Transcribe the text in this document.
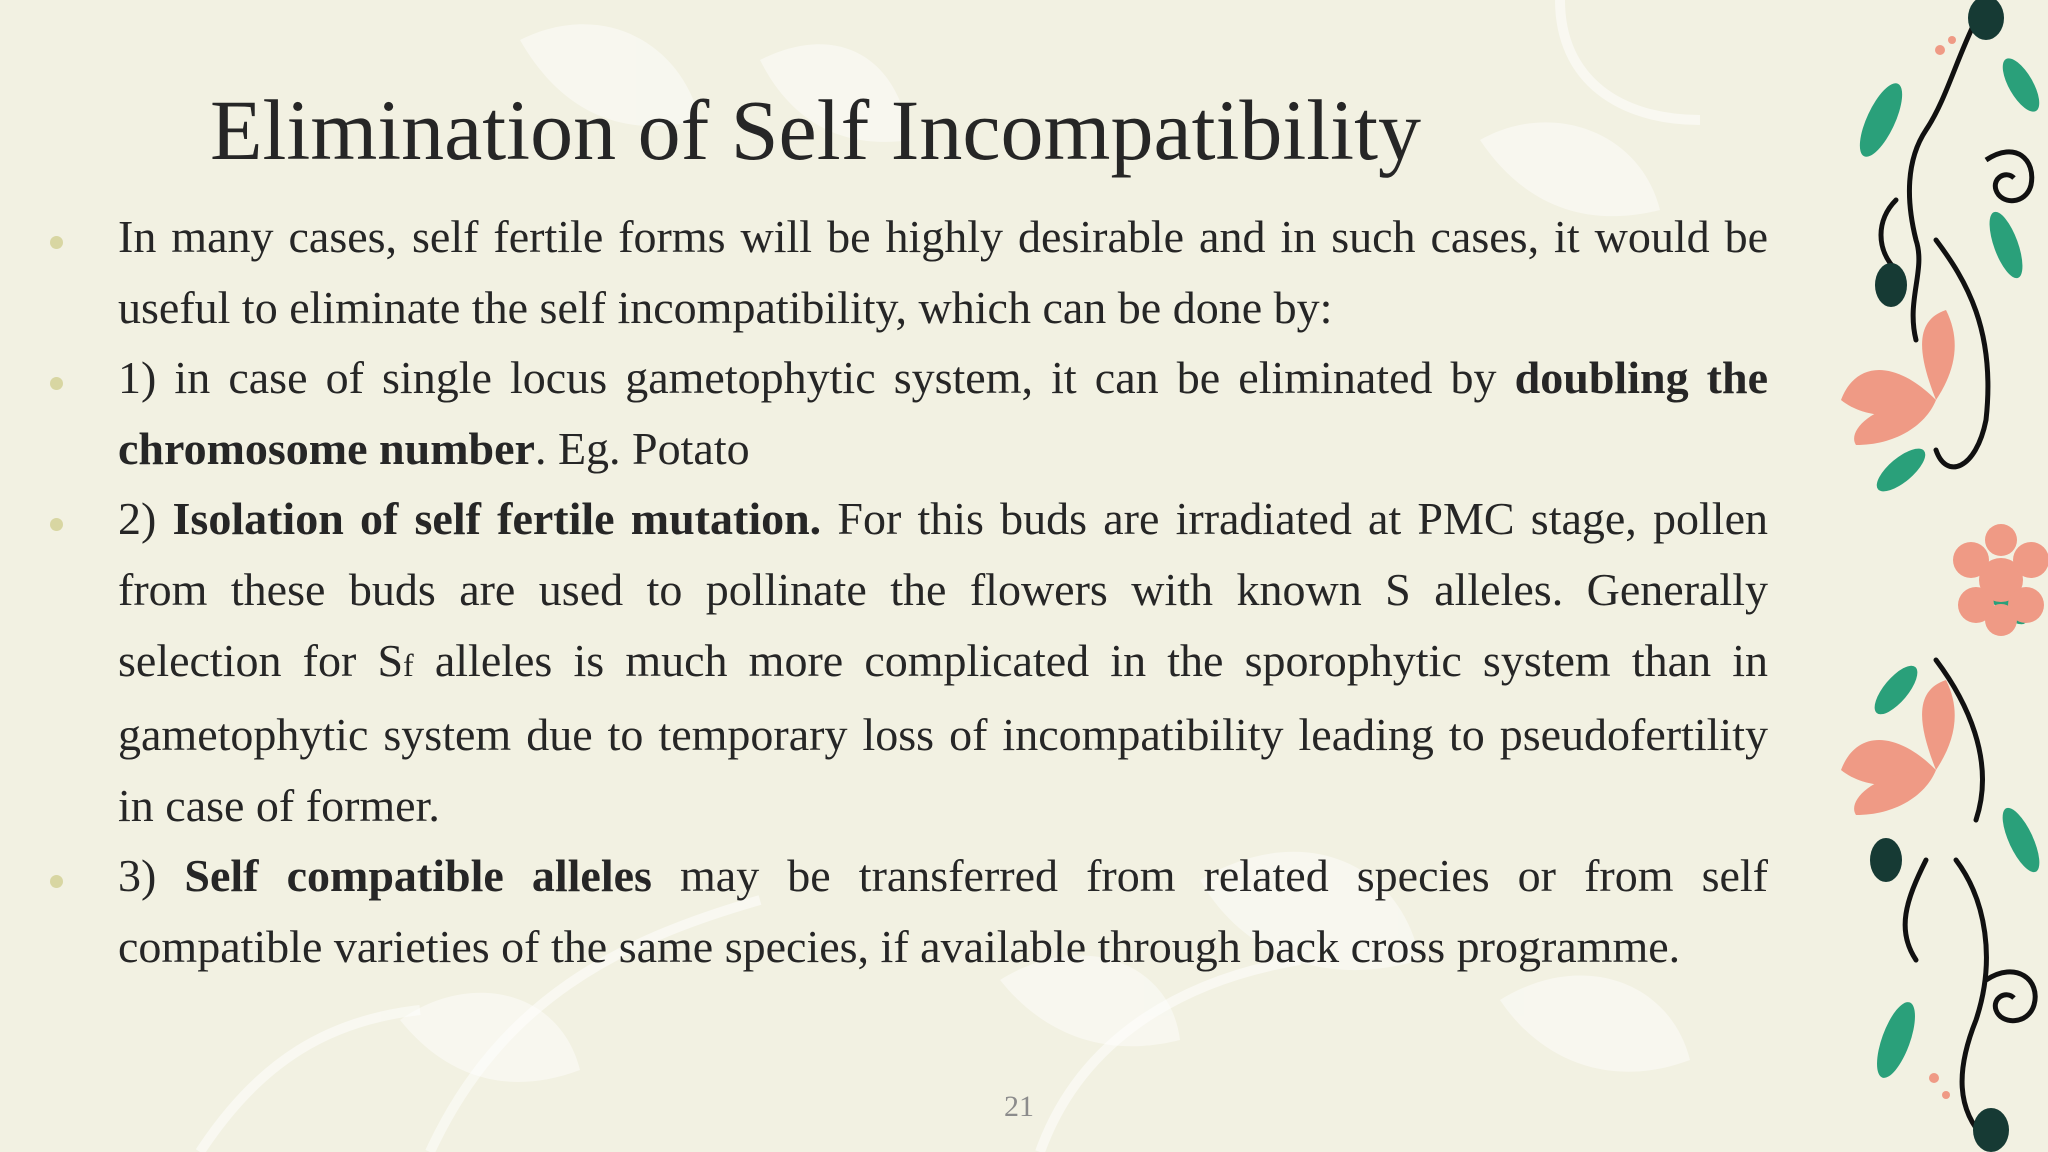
Elimination of Self Incompatibility
In many cases, self fertile forms will be highly desirable and in such cases, it would be useful to eliminate the self incompatibility, which can be done by:
1) in case of single locus gametophytic system, it can be eliminated by doubling the chromosome number. Eg. Potato
2) Isolation of self fertile mutation. For this buds are irradiated at PMC stage, pollen from these buds are used to pollinate the flowers with known S alleles. Generally selection for Sf alleles is much more complicated in the sporophytic system than in gametophytic system due to temporary loss of incompatibility leading to pseudofertility in case of former.
3) Self compatible alleles may be transferred from related species or from self compatible varieties of the same species, if available through back cross programme.
21
